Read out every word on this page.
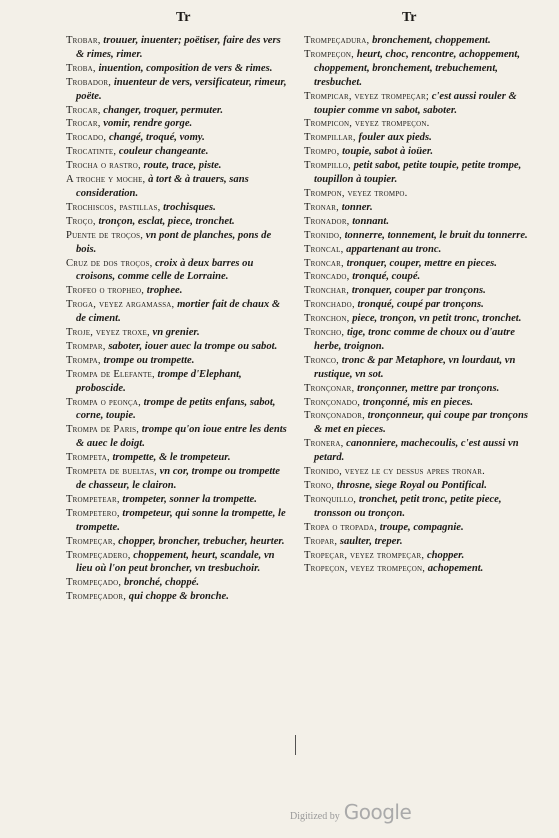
Tr	Tr

Trobar, trouuer, inuenter; poëtiser, faire des vers & rimes, rimer.

Troba, inuention, composition de vers & rimes.

Trobador, inuenteur de vers, versificateur, rimeur, poëte.

Trocar, changer, troquer, permuter.

Trocar, vomir, rendre gorge.

Trocado, changé, troqué, vomy.

Trocatinte, couleur changeante.

Trocha o rastro, route, trace, piste.

A troche y moche, à tort & à trauers, sans consideration.

Trochiscos, pastillas, trochisques.

Troço, tronçon, esclat, piece, tronchet.

Puente de troços, vn pont de planches, pons de bois.

Cruz de dos troços, croix à deux barres ou croisons, comme celle de Lorraine.

Trofeo o tropheo, trophee.

Troga, veyez argamassa, mortier fait de chaux & de ciment.

Troje, veyez troxe, vn grenier.

Trompar, saboter, iouer auec la trompe ou sabot.

Trompa, trompe ou trompette.

Trompa de Elefante, trompe d'Elephant, proboscide.

Trompa o peonça, trompe de petits enfans, sabot, corne, toupie.

Trompa de Paris, trompe qu'on ioue entre les dents & auec le doigt.

Trompeta, trompette, & le trompeteur.

Trompeta de bueltas, vn cor, trompe ou trompette de chasseur, le clairon.

Trompetear, trompeter, sonner la trompette.

Trompetero, trompeteur, qui sonne la trompette, le trompette.

Trompeçar, chopper, broncher, trebucher, heurter.

Trompeçadero, choppement, heurt, scandale, vn lieu où l'on peut broncher, vn tresbuchoir.

Trompeçado, bronché, choppé.

Trompeçador, qui choppe & bronche.

Trompeçadura, bronchement, choppement.

Trompeçon, heurt, choc, rencontre, achoppement, choppement, bronchement, trebuchement, tresbuchet.

Trompicar, veyez trompeçar; c'est aussi rouler & toupier comme vn sabot, saboter.

Trompicon, veyez trompeçon.

Trompillar, fouler aux pieds.

Trompo, toupie, sabot à ioüer.

Trompillo, petit sabot, petite toupie, petite trompe, toupillon à toupier.

Trompon, veyez trompo.

Tronar, tonner.

Tronador, tonnant.

Tronido, tonnerre, tonnement, le bruit du tonnerre.

Troncal, appartenant au tronc.

Troncar, tronquer, couper, mettre en pieces.

Troncado, tronqué, coupé.

Tronchar, tronquer, couper par tronçons.

Tronchado, tronqué, coupé par tronçons.

Tronchon, piece, tronçon, vn petit tronc, tronchet.

Troncho, tige, tronc comme de choux ou d'autre herbe, troignon.

Tronco, tronc & par Metaphore, vn lourdaut, vn rustique, vn sot.

Tronçonar, tronçonner, mettre par tronçons.

Tronçonado, tronçonné, mis en pieces.

Tronçonador, tronçonneur, qui coupe par tronçons & met en pieces.

Tronera, canonniere, machecoulis, c'est aussi vn petard.

Tronido, veyez le cy dessus apres tronar.

Trono, throsne, siege Royal ou Pontifical.

Tronquillo, tronchet, petit tronc, petite piece, tronsson ou tronçon.

Tropa o tropada, troupe, compagnie.

Tropar, saulter, treper.

Tropeçar, veyez trompeçar, chopper.

Tropeçon, veyez trompeçon, achopement.

Digitized by Google
